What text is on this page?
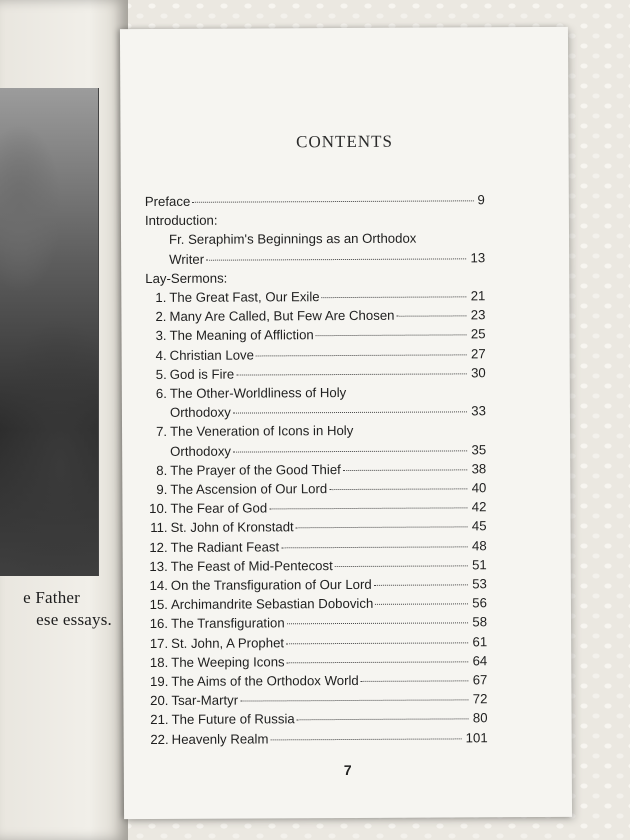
e Father
ese essays.
CONTENTS
Preface	9
Introduction:
Fr. Seraphim's Beginnings as an Orthodox
Writer	13
Lay-Sermons:
1. The Great Fast, Our Exile	21
2. Many Are Called, But Few Are Chosen	23
3. The Meaning of Affliction	25
4. Christian Love	27
5. God is Fire	30
6. The Other-Worldliness of Holy
Orthodoxy	33
7. The Veneration of Icons in Holy
Orthodoxy	35
8. The Prayer of the Good Thief	38
9. The Ascension of Our Lord	40
10. The Fear of God	42
11. St. John of Kronstadt	45
12. The Radiant Feast	48
13. The Feast of Mid-Pentecost	51
14. On the Transfiguration of Our Lord	53
15. Archimandrite Sebastian Dobovich	56
16. The Transfiguration	58
17. St. John, A Prophet	61
18. The Weeping Icons	64
19. The Aims of the Orthodox World	67
20. Tsar-Martyr	72
21. The Future of Russia	80
22. Heavenly Realm	101
7
